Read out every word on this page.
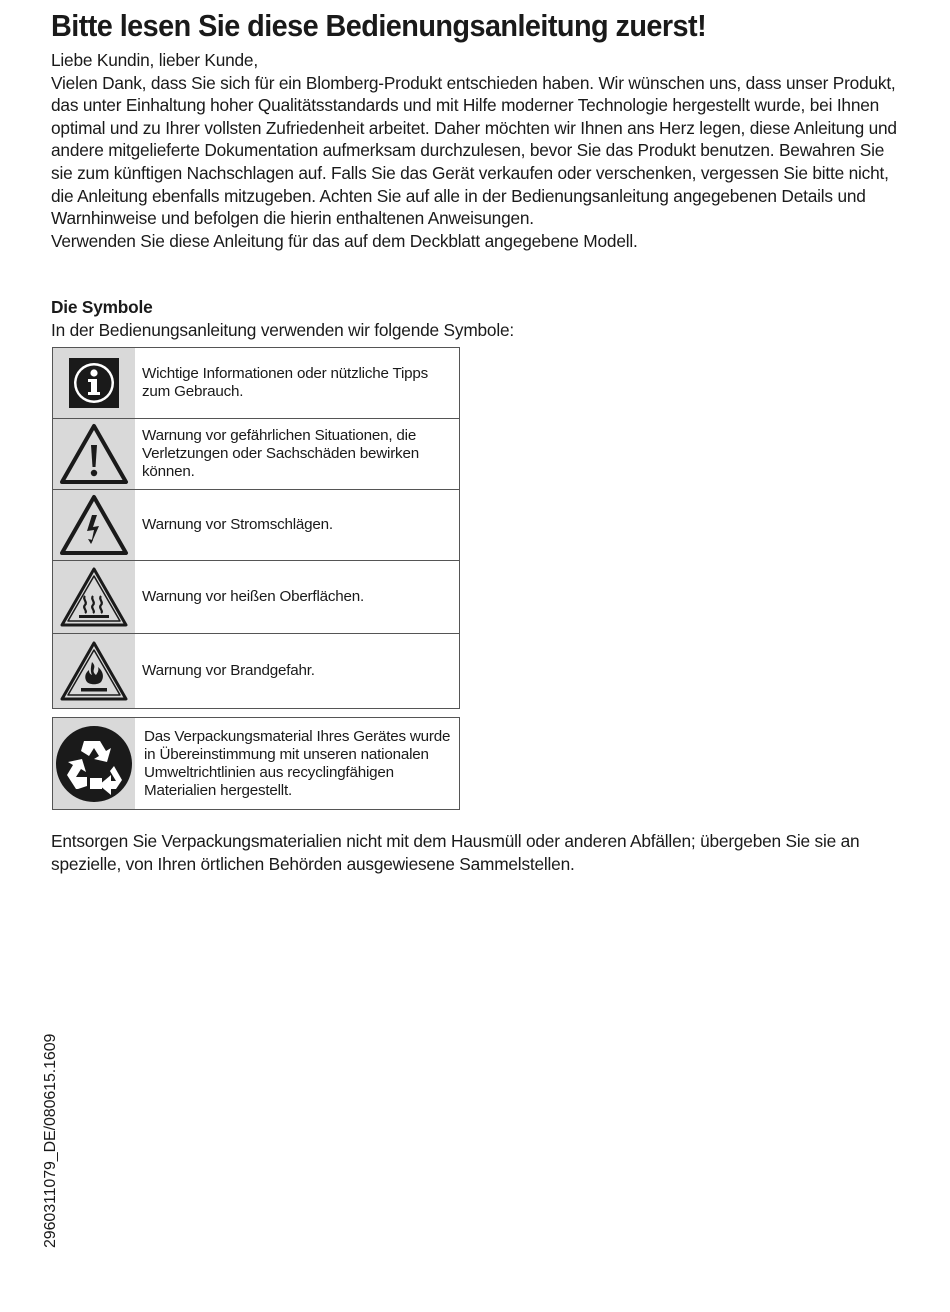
Bitte lesen Sie diese Bedienungsanleitung zuerst!

Liebe Kundin, lieber Kunde,

Vielen Dank, dass Sie sich für ein Blomberg-Produkt entschieden haben. Wir wünschen uns, dass unser Produkt, das unter Einhaltung hoher Qualitätsstandards und mit Hilfe moderner Technologie hergestellt wurde, bei Ihnen optimal und zu Ihrer vollsten Zufriedenheit arbeitet. Daher möchten wir Ihnen ans Herz legen, diese Anleitung und andere mitgelieferte Dokumentation aufmerksam durchzulesen, bevor Sie das Produkt benutzen. Bewahren Sie sie zum künftigen Nachschlagen auf. Falls Sie das Gerät verkaufen oder verschenken, vergessen Sie bitte nicht, die Anleitung ebenfalls mitzugeben. Achten Sie auf alle in der Bedienungsanleitung angegebenen Details und Warnhinweise und befolgen die hierin enthaltenen Anweisungen.

Verwenden Sie diese Anleitung für das auf dem Deckblatt angegebene Modell.

Die Symbole
In der Bedienungsanleitung verwenden wir folgende Symbole:
Wichtige Informationen oder nützliche Tipps zum Gebrauch.
Warnung vor gefährlichen Situationen, die Verletzungen oder Sachschäden bewirken können.
Warnung vor Stromschlägen.
Warnung vor heißen Oberflächen.
Warnung vor Brandgefahr.
Das Verpackungsmaterial Ihres Gerätes wurde in Übereinstimmung mit unseren nationalen Umweltrichtlinien aus recyclingfähigen Materialien hergestellt.
Entsorgen Sie Verpackungsmaterialien nicht mit dem Hausmüll oder anderen Abfällen; übergeben Sie sie an spezielle, von Ihren örtlichen Behörden ausgewiesene Sammelstellen.
2960311079_DE/080615.1609
